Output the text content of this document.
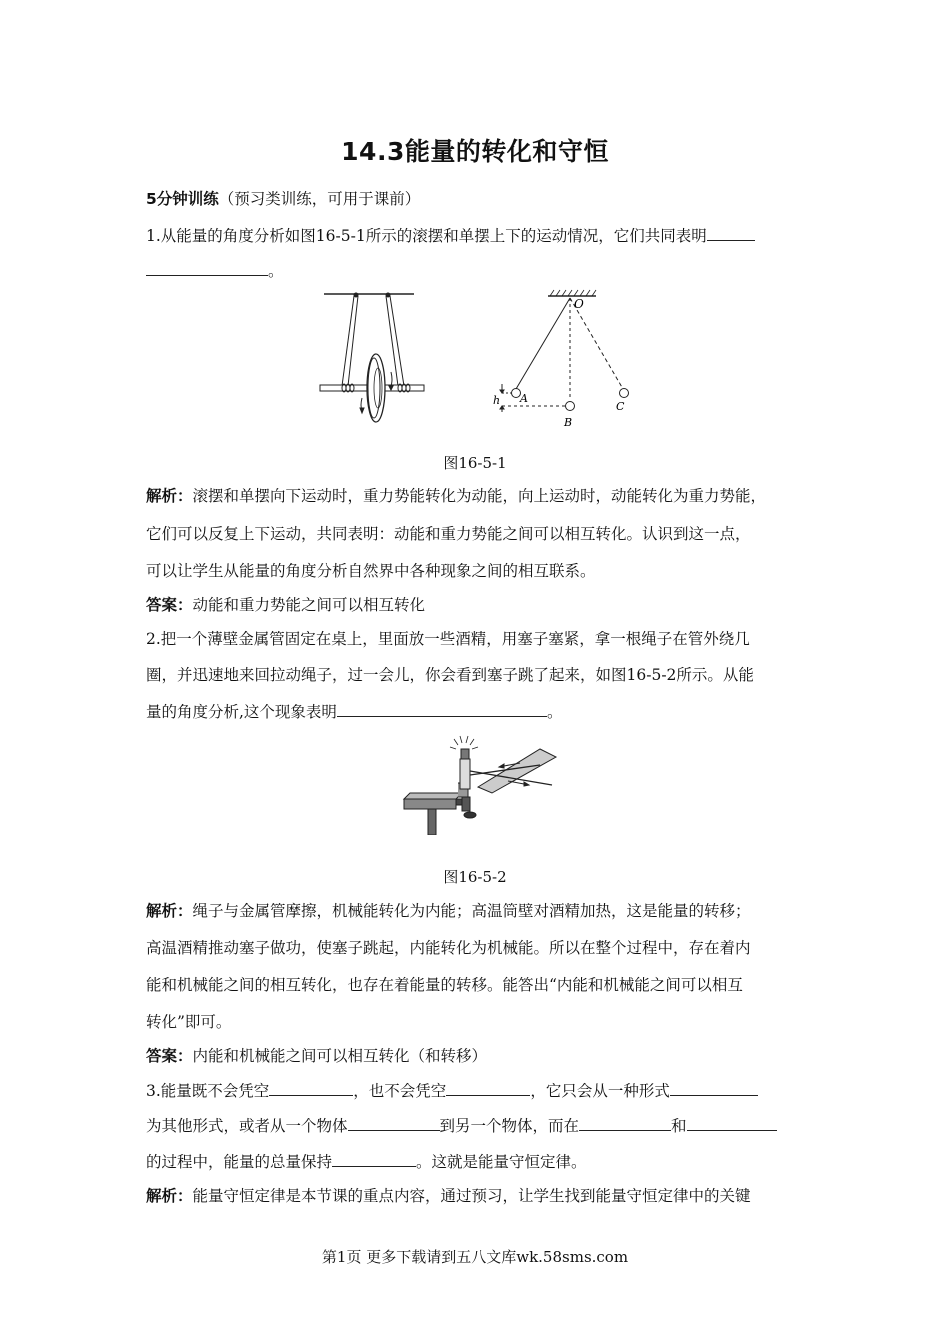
14.3能量的转化和守恒
5分钟训练（预习类训练，可用于课前）
1.从能量的角度分析如图16-5-1所示的滚摆和单摆上下的运动情况，它们共同表明
。
O
A
B
C
h
图16-5-1
解析：滚摆和单摆向下运动时，重力势能转化为动能，向上运动时，动能转化为重力势能，
它们可以反复上下运动，共同表明：动能和重力势能之间可以相互转化。认识到这一点，
可以让学生从能量的角度分析自然界中各种现象之间的相互联系。
答案：动能和重力势能之间可以相互转化
2.把一个薄壁金属管固定在桌上，里面放一些酒精，用塞子塞紧，拿一根绳子在管外绕几
圈，并迅速地来回拉动绳子，过一会儿，你会看到塞子跳了起来，如图16-5-2所示。从能
量的角度分析,这个现象表明	。
图16-5-2
解析：绳子与金属管摩擦，机械能转化为内能；高温筒壁对酒精加热，这是能量的转移；
高温酒精推动塞子做功，使塞子跳起，内能转化为机械能。所以在整个过程中，存在着内
能和机械能之间的相互转化，也存在着能量的转移。能答出“内能和机械能之间可以相互
转化”即可。
答案：内能和机械能之间可以相互转化（和转移）
3.能量既不会凭空	，也不会凭空	，它只会从一种形式
为其他形式，或者从一个物体	到另一个物体，而在	和
的过程中，能量的总量保持	。这就是能量守恒定律。
解析：能量守恒定律是本节课的重点内容，通过预习，让学生找到能量守恒定律中的关键
第1页 更多下载请到五八文库wk.58sms.com
